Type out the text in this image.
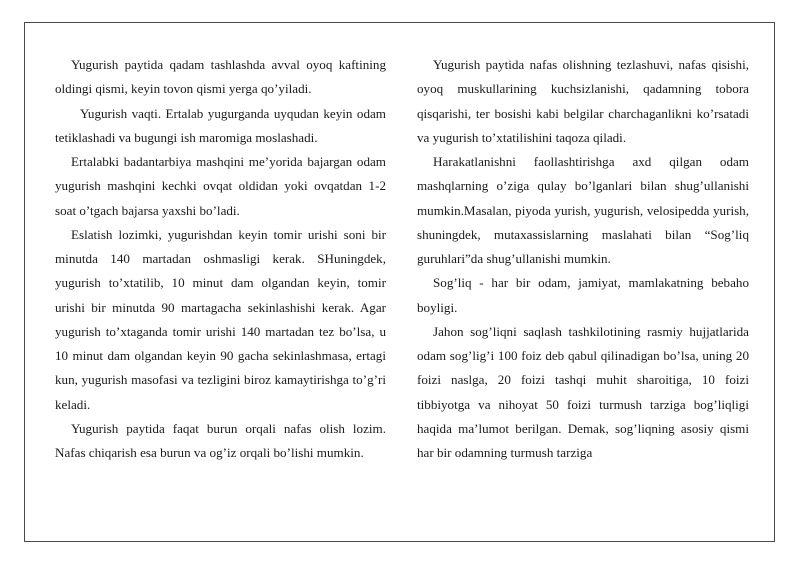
Yugurish paytida qadam tashlashda avval oyoq kaftining oldingi qismi, keyin tovon qismi yerga qo’yiladi.

Yugurish vaqti. Ertalab yugurganda uyqudan keyin odam tetiklashadi va bugungi ish maromiga moslashadi.

Ertalabki badantarbiya mashqini me’yorida bajargan odam yugurish mashqini kechki ovqat oldidan yoki ovqatdan 1-2 soat o’tgach bajarsa yaxshi bo’ladi.

Eslatish lozimki, yugurishdan keyin tomir urishi soni bir minutda 140 martadan oshmasligi kerak. SHuningdek, yugurish to’xtatilib, 10 minut dam olgandan keyin, tomir urishi bir minutda 90 martagacha sekinlashishi kerak. Agar yugurish to’xtaganda tomir urishi 140 martadan tez bo’lsa, u 10 minut dam olgandan keyin 90 gacha sekinlashmasa, ertagi kun, yugurish masofasi va tezligini biroz kamaytirishga to’g’ri keladi.

Yugurish paytida faqat burun orqali nafas olish lozim. Nafas chiqarish esa burun va og’iz orqali bo’lishi mumkin.

Yugurish paytida nafas olishning tezlashuvi, nafas qisishi, oyoq muskullarining kuchsizlanishi, qadamning tobora qisqarishi, ter bosishi kabi belgilar charchaganlikni ko’rsatadi va yugurish to’xtatilishini taqoza qiladi.

Harakatlanishni faollashtirishga axd qilgan odam mashqlarning o’ziga qulay bo’lganlari bilan shug’ullanishi mumkin.Masalan, piyoda yurish, yugurish, velosipedda yurish, shuningdek, mutaxassislarning maslahati bilan “Sog’liq guruhlari”da shug’ullanishi mumkin.

Sog’liq - har bir odam, jamiyat, mamlakatning bebaho boyligi.

Jahon sog’liqni saqlash tashkilotining rasmiy hujjatlarida odam sog’lig’i 100 foiz deb qabul qilinadigan bo’lsa, uning 20 foizi naslga, 20 foizi tashqi muhit sharoitiga, 10 foizi tibbiyotga va nihoyat 50 foizi turmush tarziga bog’liqligi haqida ma’lumot berilgan. Demak, sog’liqning asosiy qismi har bir odamning turmush tarziga
